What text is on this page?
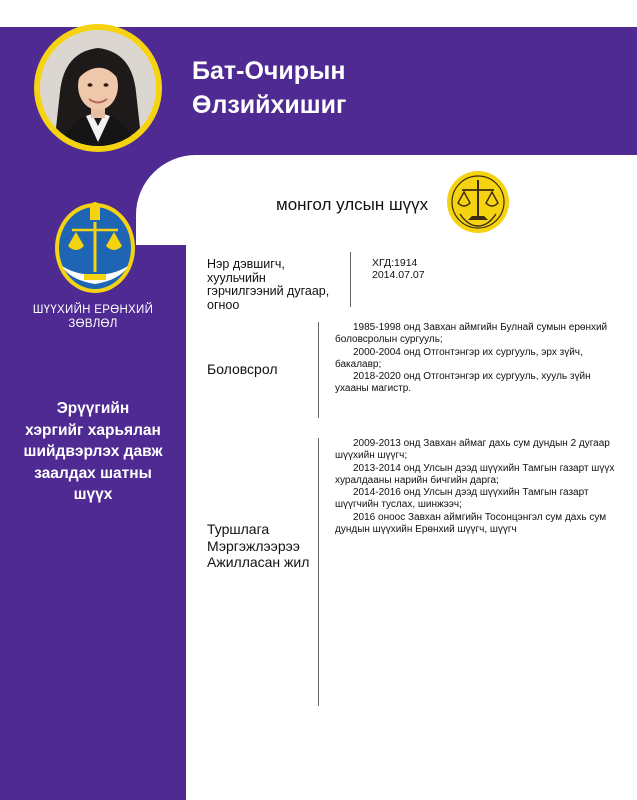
Бат-Очирын
Өлзийхишиг
ШҮҮХИЙН ЕРӨНХИЙ
ЗӨВЛӨЛ
Эрүүгийн
хэргийг харьялан
шийдвэрлэх давж
заалдах шатны
шүүх
монгол улсын шүүх
Нэр дэвшигч,
хуульчийн
гэрчилгээний дугаар,
огноо
ХГД:1914
2014.07.07
Боловсрол
1985-1998 онд Завхан аймгийн Булнай сумын ерөнхий боловсролын сургууль;
2000-2004 онд Отгонтэнгэр их сургууль, эрх зүйч, бакалавр;
2018-2020 онд Отгонтэнгэр их сургууль, хууль зүйн ухааны магистр.
Туршлага
Мэргэжлээрээ
Ажилласан жил
2009-2013 онд Завхан аймаг дахь сум дундын 2 дугаар шүүхийн шүүгч;
2013-2014 онд Улсын дээд шүүхийн Тамгын газарт шүүх хуралдааны нарийн бичгийн дарга;
2014-2016 онд Улсын дээд шүүхийн Тамгын газарт шүүгчийн туслах, шинжээч;
2016 оноос Завхан аймгийн Тосонцэнгэл сум дахь сум дундын шүүхийн Ерөнхий шүүгч, шүүгч
